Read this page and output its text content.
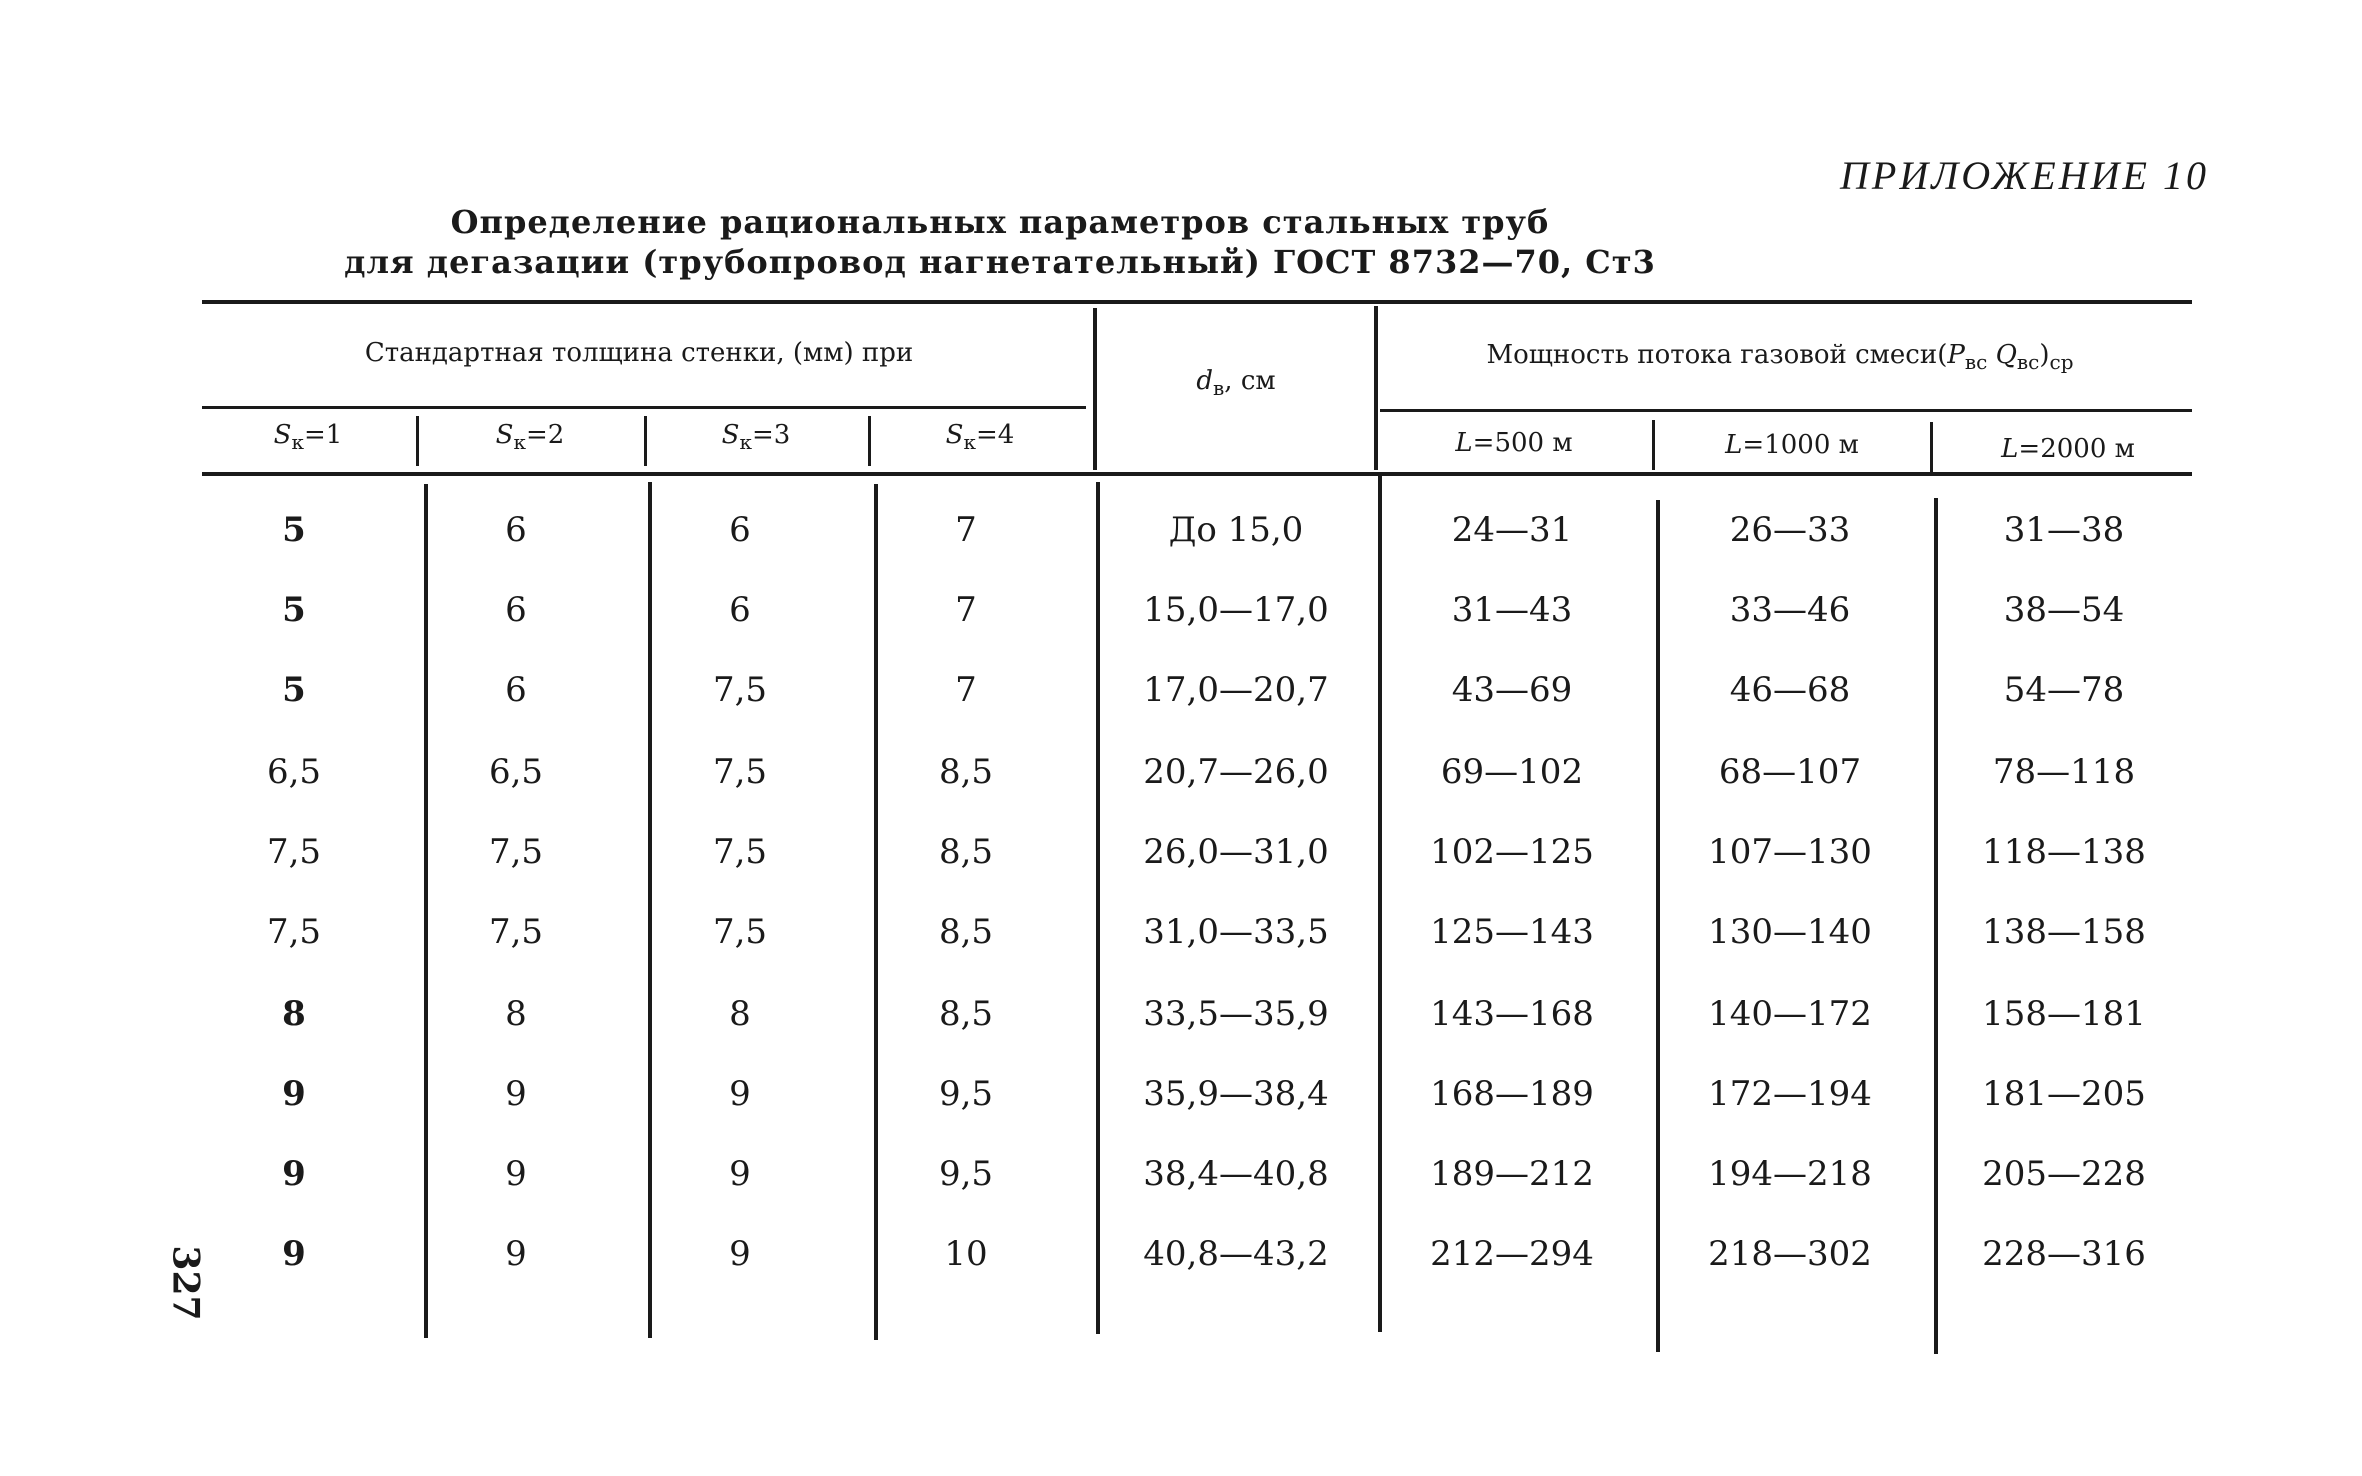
ПРИЛОЖЕНИЕ 10
Определение рациональных параметров стальных труб
для дегазации (трубопровод нагнетательный) ГОСТ 8732—70, Ст3
Стандартная толщина стенки, (мм) при
$S_к=1$	$S_к=2$	$S_к=3$	$S_к=4$
$d_в$, см
Мощность потока газовой $смеси(P_{вс}$ $Q_{вс})_{ср}$
L=500 м	L=1000 м	L=2000 м
5	6	6	7	До 15,0	24—31	26—33	31—38
5	6	6	7	15,0—17,0	31—43	33—46	38—54
5	6	7,5	7	17,0—20,7	43—69	46—68	54—78
6,5	6,5	7,5	8,5	20,7—26,0	69—102	68—107	78—118
7,5	7,5	7,5	8,5	26,0—31,0	102—125	107—130	118—138
7,5	7,5	7,5	8,5	31,0—33,5	125—143	130—140	138—158
8	8	8	8,5	33,5—35,9	143—168	140—172	158—181
9	9	9	9,5	35,9—38,4	168—189	172—194	181—205
9	9	9	9,5	38,4—40,8	189—212	194—218	205—228
9	9	9	10	40,8—43,2	212—294	218—302	228—316
327
